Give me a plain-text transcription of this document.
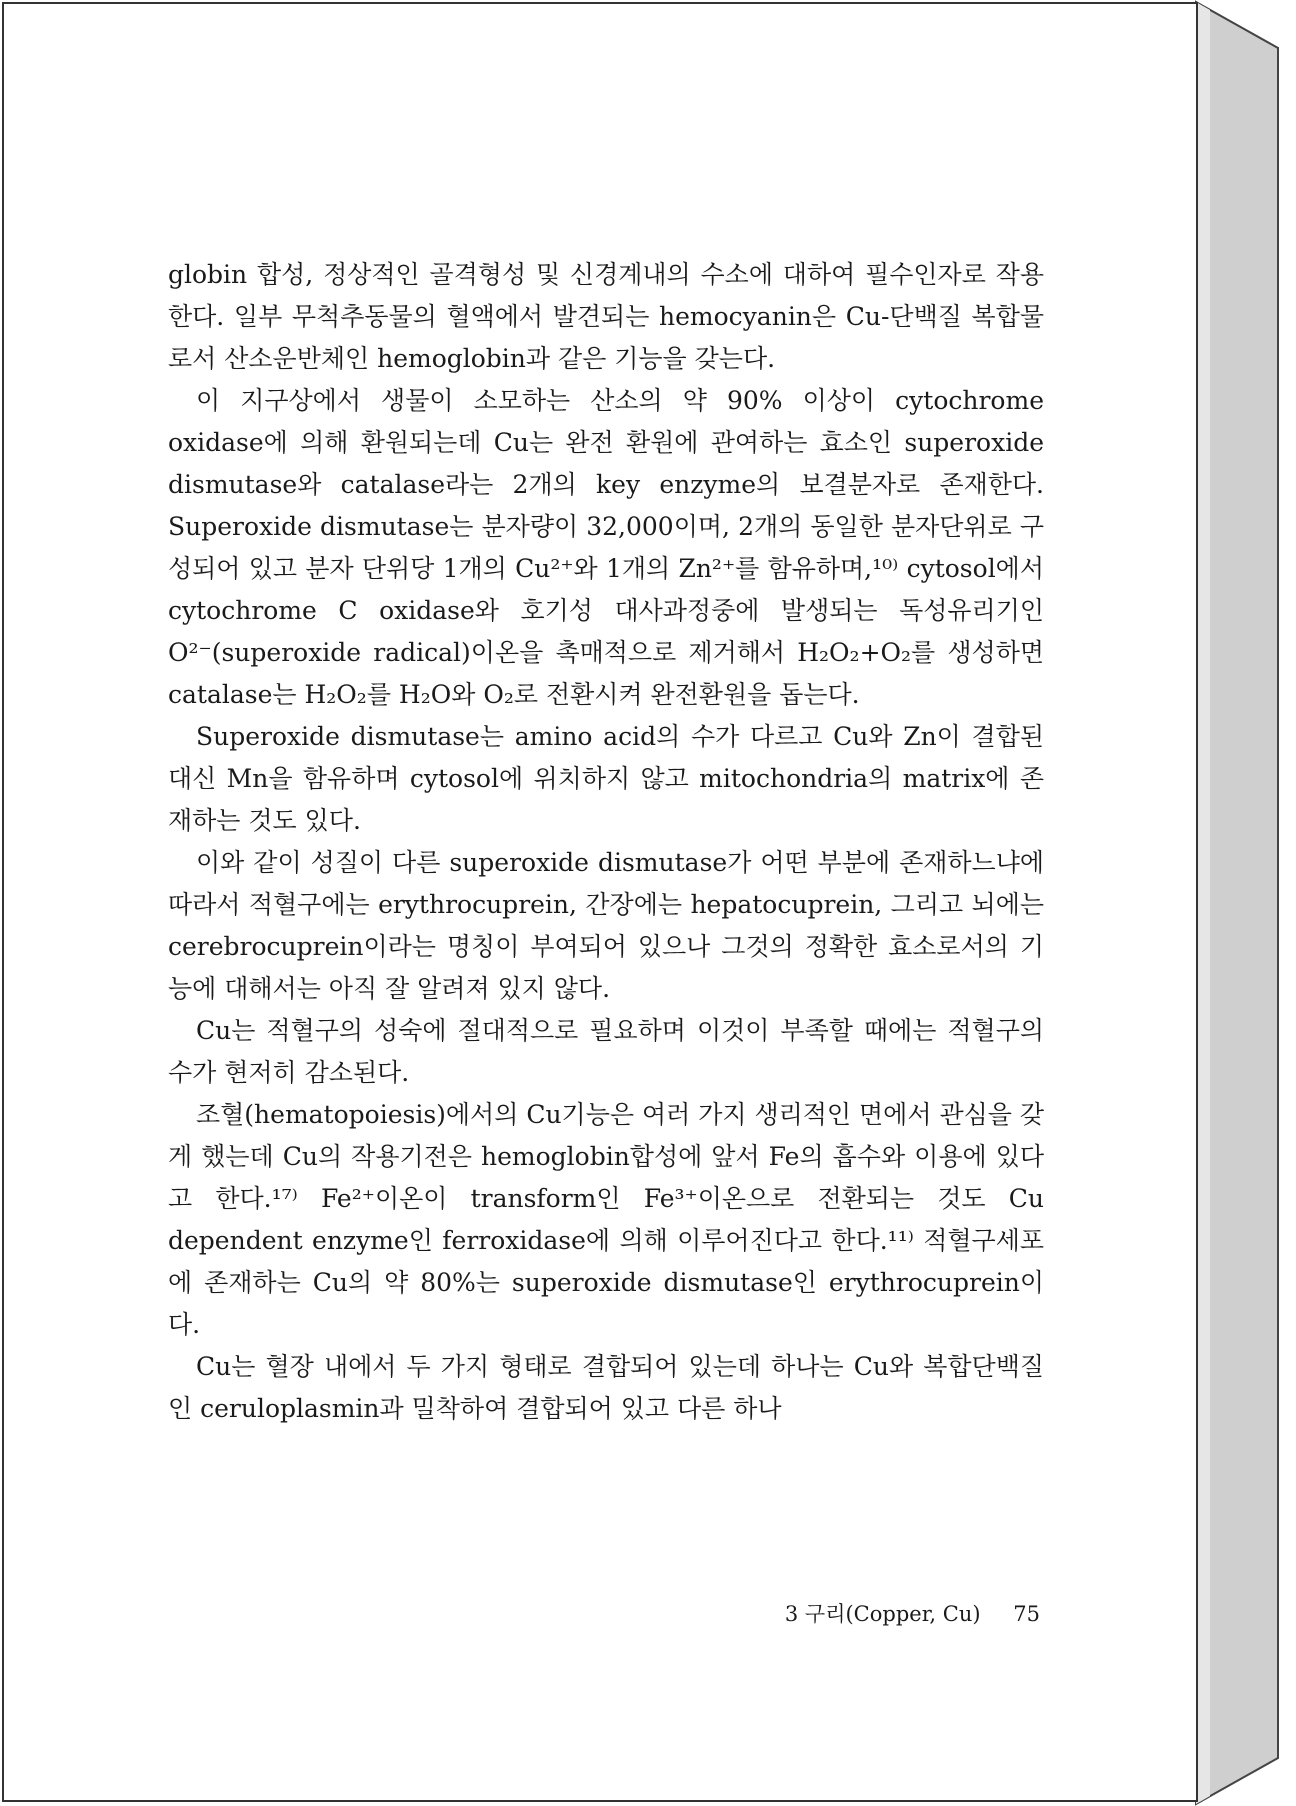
globin 합성, 정상적인 골격형성 및 신경계내의 수소에 대하여 필수인자로 작용한다. 일부 무척추동물의 혈액에서 발견되는 hemocyanin은 Cu-단백질 복합물로서 산소운반체인 hemoglobin과 같은 기능을 갖는다.

이 지구상에서 생물이 소모하는 산소의 약 90% 이상이 cytochrome oxidase에 의해 환원되는데 Cu는 완전 환원에 관여하는 효소인 superoxide dismutase와 catalase라는 2개의 key enzyme의 보결분자로 존재한다. Superoxide dismutase는 분자량이 32,000이며, 2개의 동일한 분자단위로 구성되어 있고 분자 단위당 1개의 Cu²⁺와 1개의 Zn²⁺를 함유하며,¹⁰⁾ cytosol에서 cytochrome C oxidase와 호기성 대사과정중에 발생되는 독성유리기인 O²⁻(superoxide radical)이온을 촉매적으로 제거해서 H₂O₂+O₂를 생성하면 catalase는 H₂O₂를 H₂O와 O₂로 전환시켜 완전환원을 돕는다.

Superoxide dismutase는 amino acid의 수가 다르고 Cu와 Zn이 결합된 대신 Mn을 함유하며 cytosol에 위치하지 않고 mitochondria의 matrix에 존재하는 것도 있다.

이와 같이 성질이 다른 superoxide dismutase가 어떤 부분에 존재하느냐에 따라서 적혈구에는 erythrocuprein, 간장에는 hepatocuprein, 그리고 뇌에는 cerebrocuprein이라는 명칭이 부여되어 있으나 그것의 정확한 효소로서의 기능에 대해서는 아직 잘 알려져 있지 않다.

Cu는 적혈구의 성숙에 절대적으로 필요하며 이것이 부족할 때에는 적혈구의 수가 현저히 감소된다.

조혈(hematopoiesis)에서의 Cu기능은 여러 가지 생리적인 면에서 관심을 갖게 했는데 Cu의 작용기전은 hemoglobin합성에 앞서 Fe의 흡수와 이용에 있다고 한다.¹⁷⁾ Fe²⁺이온이 transform인 Fe³⁺이온으로 전환되는 것도 Cu dependent enzyme인 ferroxidase에 의해 이루어진다고 한다.¹¹⁾ 적혈구세포에 존재하는 Cu의 약 80%는 superoxide dismutase인 erythrocuprein이다.

Cu는 혈장 내에서 두 가지 형태로 결합되어 있는데 하나는 Cu와 복합단백질인 ceruloplasmin과 밀착하여 결합되어 있고 다른 하나

3 구리(Copper, Cu) 75
